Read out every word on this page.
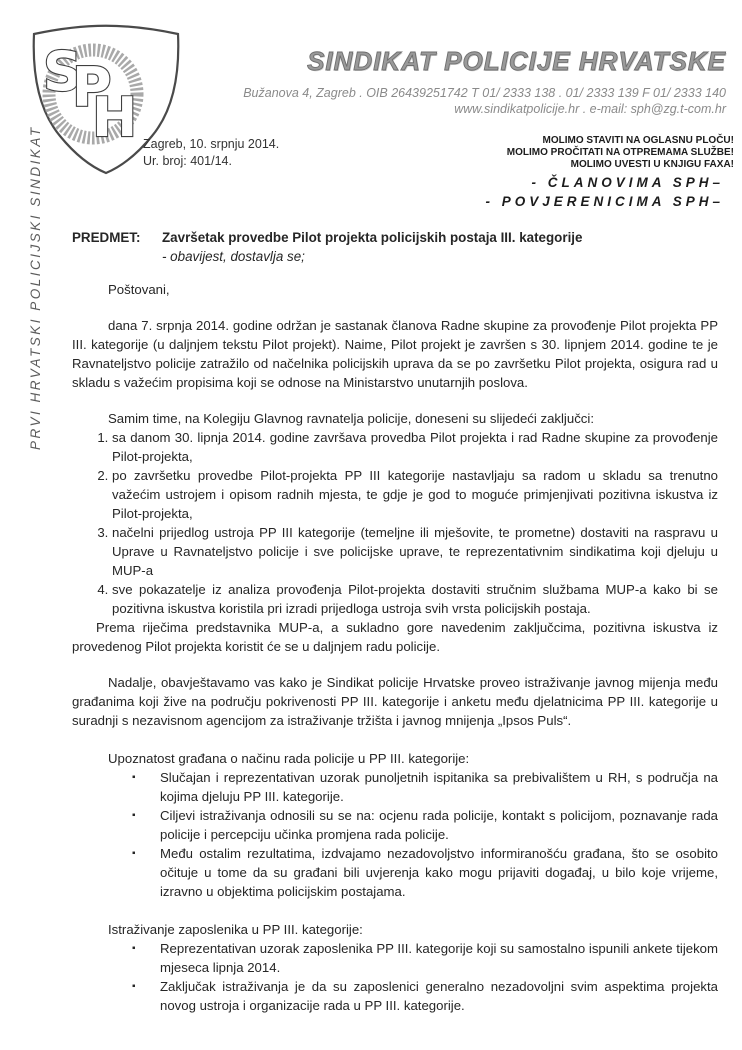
S
P
H
PRVI HRVATSKI POLICIJSKI SINDIKAT
SINDIKAT POLICIJE HRVATSKE
Bužanova 4, Zagreb . OIB 26439251742 T 01/ 2333 138 . 01/ 2333 139 F 01/ 2333 140
www.sindikatpolicije.hr . e-mail: sph@zg.t-com.hr
Zagreb, 10. srpnju 2014.
Ur. broj: 401/14.
MOLIMO STAVITI NA OGLASNU PLOČU!
MOLIMO PROČITATI NA OTPREMAMA SLUŽBE!
MOLIMO UVESTI U KNJIGU FAXA!
- ČLANOVIMA SPH–
- POVJERENICIMA SPH–
PREDMET:	Završetak provedbe Pilot projekta policijskih postaja III. kategorije
- obavijest, dostavlja se;
Poštovani,

dana 7. srpnja 2014. godine održan je sastanak članova Radne skupine za provođenje Pilot projekta PP III. kategorije (u daljnjem tekstu Pilot projekt). Naime, Pilot projekt je završen s 30. lipnjem 2014. godine te je Ravnateljstvo policije zatražilo od načelnika policijskih uprava da se po završetku Pilot projekta, osigura rad u skladu s važećim propisima koji se odnose na Ministarstvo unutarnjih poslova.

Samim time, na Kolegiju Glavnog ravnatelja policije, doneseni su slijedeći zaključci:
1. sa danom 30. lipnja 2014. godine završava provedba Pilot projekta i rad Radne skupine za provođenje Pilot-projekta,
2. po završetku provedbe Pilot-projekta PP III kategorije nastavljaju sa radom u skladu sa trenutno važećim ustrojem i opisom radnih mjesta, te gdje je god to moguće primjenjivati pozitivna iskustva iz Pilot-projekta,
3. načelni prijedlog ustroja PP III kategorije (temeljne ili mješovite, te prometne) dostaviti na raspravu u Uprave u Ravnateljstvo policije i sve policijske uprave, te reprezentativnim sindikatima koji djeluju u MUP-a
4. sve pokazatelje iz analiza provođenja Pilot-projekta dostaviti stručnim službama MUP-a kako bi se pozitivna iskustva koristila pri izradi prijedloga ustroja svih vrsta policijskih postaja.

Prema riječima predstavnika MUP-a, a sukladno gore navedenim zaključcima, pozitivna iskustva iz provedenog Pilot projekta koristit će se u daljnjem radu policije.

Nadalje, obavještavamo vas kako je Sindikat policije Hrvatske proveo istraživanje javnog mijenja među građanima koji žive na području pokrivenosti PP III. kategorije i anketu među djelatnicima PP III. kategorije u suradnji s nezavisnom agencijom za istraživanje tržišta i javnog mnijenja „Ipsos Puls“.

Upoznatost građana o načinu rada policije u PP III. kategorije:
▪ Slučajan i reprezentativan uzorak punoljetnih ispitanika sa prebivalištem u RH, s područja na kojima djeluju PP III. kategorije.
▪ Ciljevi istraživanja odnosili su se na: ocjenu rada policije, kontakt s policijom, poznavanje rada policije i percepciju učinka promjena rada policije.
▪ Među ostalim rezultatima, izdvajamo nezadovoljstvo informiranošću građana, što se osobito očituje u tome da su građani bili uvjerenja kako mogu prijaviti događaj, u bilo koje vrijeme, izravno u objektima policijskim postajama.
Istraživanje zaposlenika u PP III. kategorije:
▪ Reprezentativan uzorak zaposlenika PP III. kategorije koji su samostalno ispunili ankete tijekom mjeseca lipnja 2014.
▪ Zaključak istraživanja je da su zaposlenici generalno nezadovoljni svim aspektima projekta novog ustroja i organizacije rada u PP III. kategorije.
